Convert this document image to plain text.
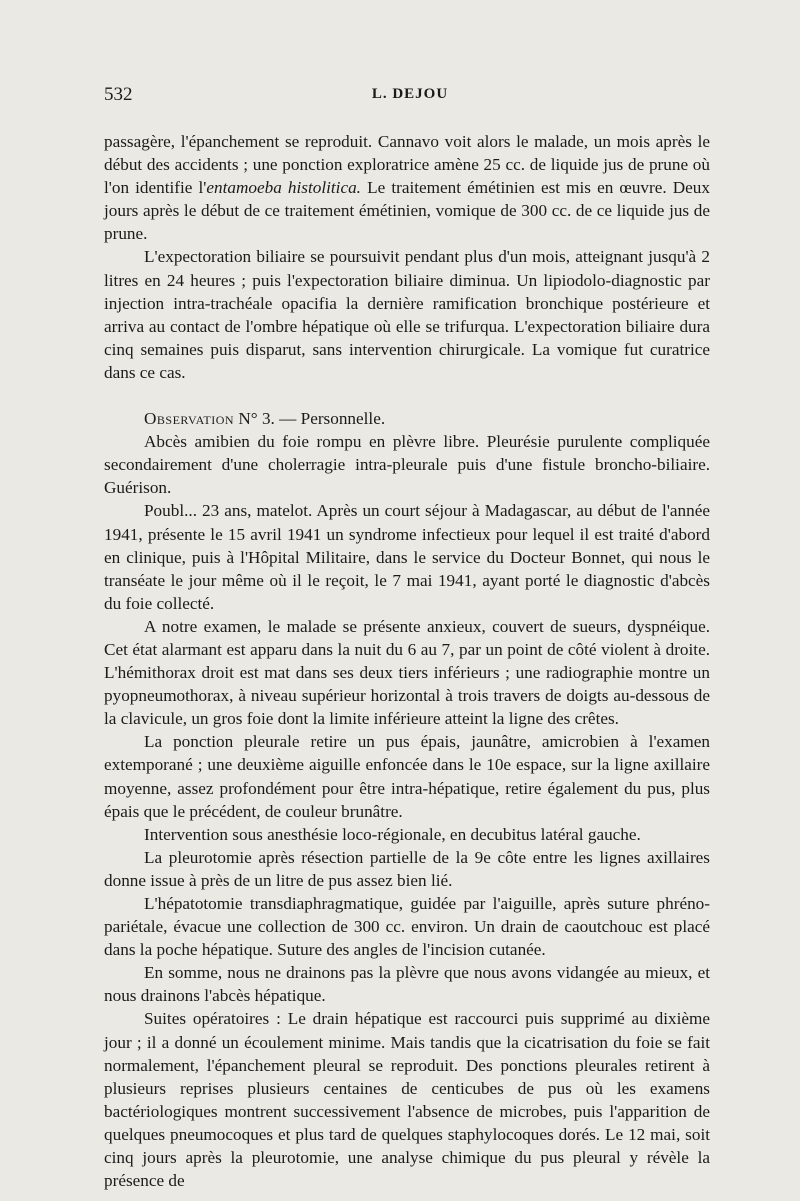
532	L. DEJOU

passagère, l'épanchement se reproduit. Cannavo voit alors le malade, un mois après le début des accidents ; une ponction exploratrice amène 25 cc. de liquide jus de prune où l'on identifie l'entamoeba histolitica. Le traitement émétinien est mis en œuvre. Deux jours après le début de ce traitement émétinien, vomique de 300 cc. de ce liquide jus de prune.

L'expectoration biliaire se poursuivit pendant plus d'un mois, atteignant jusqu'à 2 litres en 24 heures ; puis l'expectoration biliaire diminua. Un lipiodolo-diagnostic par injection intra-trachéale opacifia la dernière ramification bronchique postérieure et arriva au contact de l'ombre hépatique où elle se trifurqua. L'expectoration biliaire dura cinq semaines puis disparut, sans intervention chirurgicale. La vomique fut curatrice dans ce cas.

Observation N° 3. — Personnelle.

Abcès amibien du foie rompu en plèvre libre. Pleurésie purulente compliquée secondairement d'une cholerragie intra-pleurale puis d'une fistule broncho-biliaire. Guérison.

Poubl... 23 ans, matelot. Après un court séjour à Madagascar, au début de l'année 1941, présente le 15 avril 1941 un syndrome infectieux pour lequel il est traité d'abord en clinique, puis à l'Hôpital Militaire, dans le service du Docteur Bonnet, qui nous le transéate le jour même où il le reçoit, le 7 mai 1941, ayant porté le diagnostic d'abcès du foie collecté.

A notre examen, le malade se présente anxieux, couvert de sueurs, dyspnéique. Cet état alarmant est apparu dans la nuit du 6 au 7, par un point de côté violent à droite. L'hémithorax droit est mat dans ses deux tiers inférieurs ; une radiographie montre un pyopneumothorax, à niveau supérieur horizontal à trois travers de doigts au-dessous de la clavicule, un gros foie dont la limite inférieure atteint la ligne des crêtes.

La ponction pleurale retire un pus épais, jaunâtre, amicrobien à l'examen extemporané ; une deuxième aiguille enfoncée dans le 10e espace, sur la ligne axillaire moyenne, assez profondément pour être intra-hépatique, retire également du pus, plus épais que le précédent, de couleur brunâtre.

Intervention sous anesthésie loco-régionale, en decubitus latéral gauche.

La pleurotomie après résection partielle de la 9e côte entre les lignes axillaires donne issue à près de un litre de pus assez bien lié.

L'hépatotomie transdiaphragmatique, guidée par l'aiguille, après suture phréno-pariétale, évacue une collection de 300 cc. environ. Un drain de caoutchouc est placé dans la poche hépatique. Suture des angles de l'incision cutanée.

En somme, nous ne drainons pas la plèvre que nous avons vidangée au mieux, et nous drainons l'abcès hépatique.

Suites opératoires : Le drain hépatique est raccourci puis supprimé au dixième jour ; il a donné un écoulement minime. Mais tandis que la cicatrisation du foie se fait normalement, l'épanchement pleural se reproduit. Des ponctions pleurales retirent à plusieurs reprises plusieurs centaines de centicubes de pus où les examens bactériologiques montrent successivement l'absence de microbes, puis l'apparition de quelques pneumocoques et plus tard de quelques staphylocoques dorés. Le 12 mai, soit cinq jours après la pleurotomie, une analyse chimique du pus pleural y révèle la présence de
